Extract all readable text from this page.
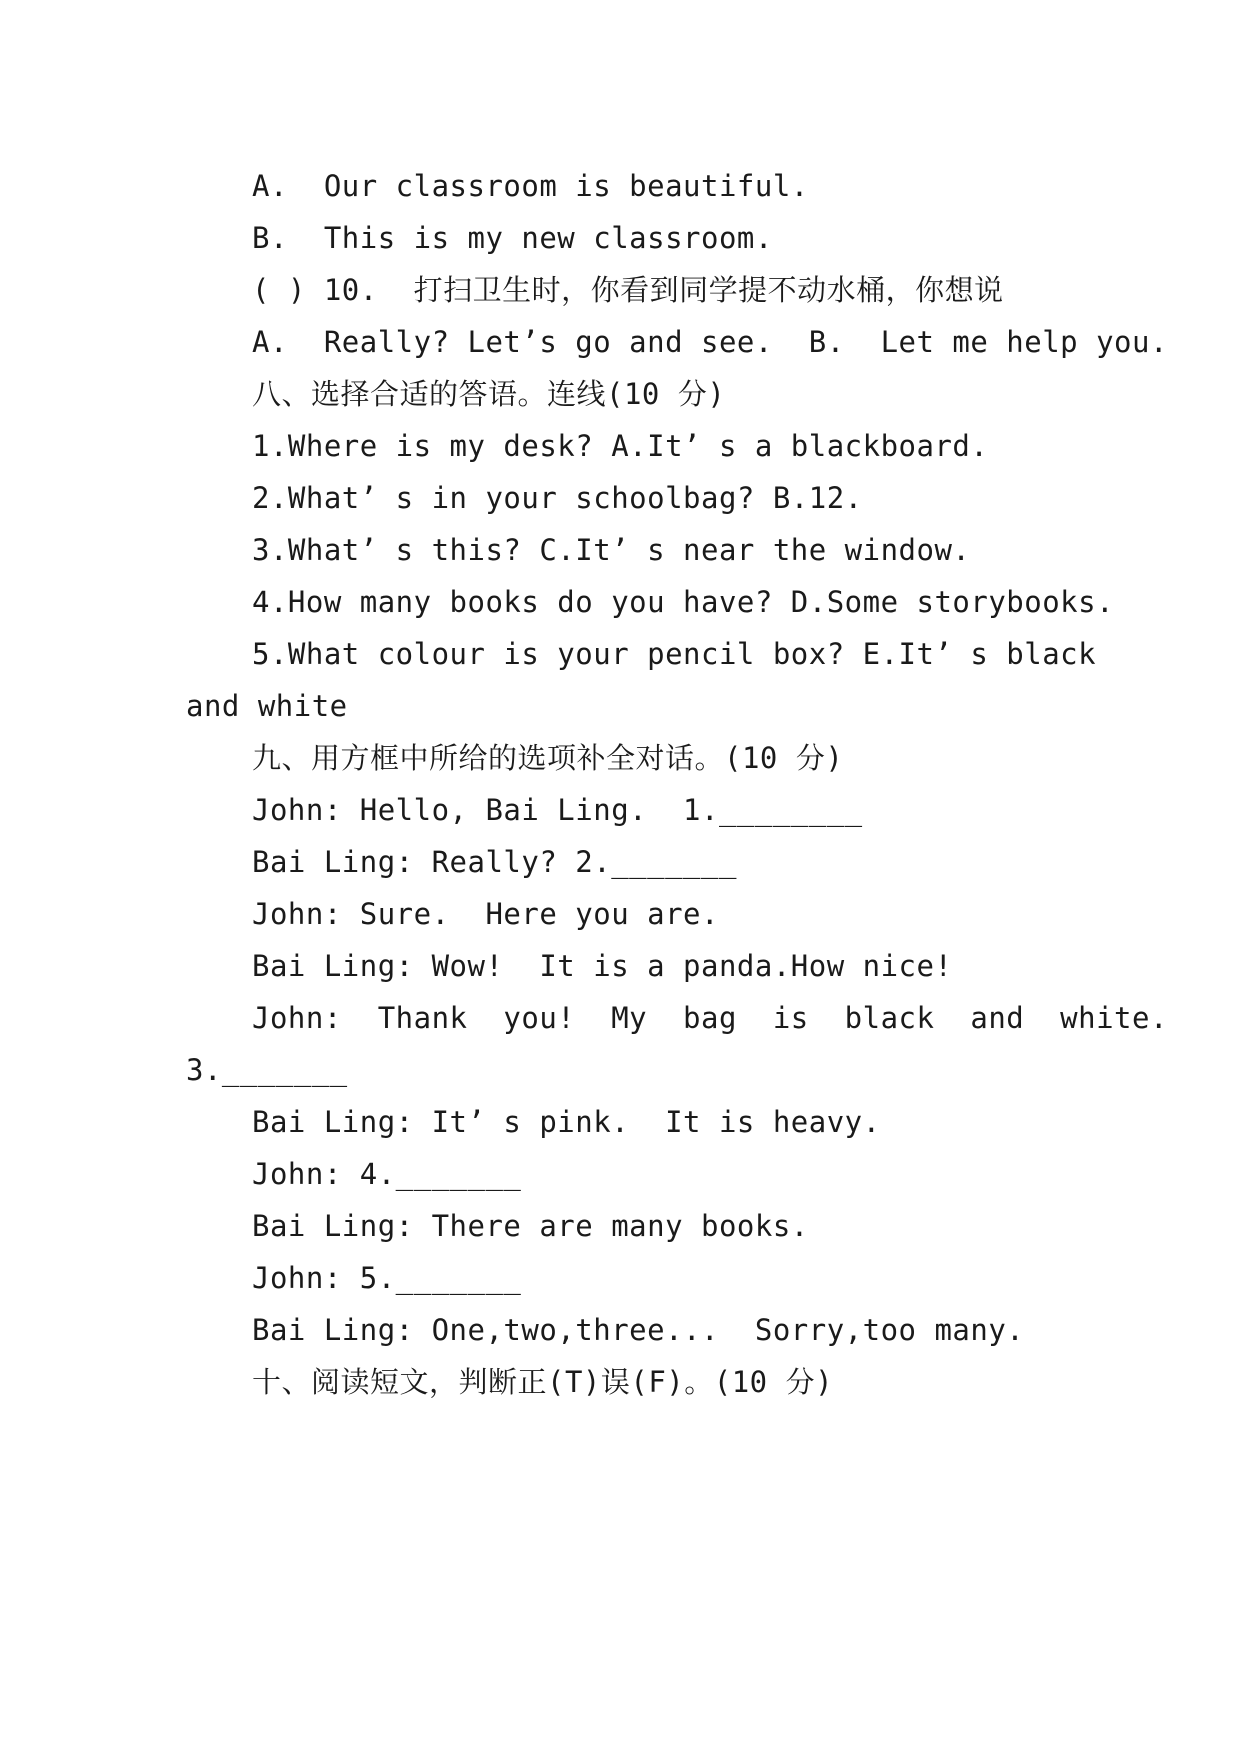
A.  Our classroom is beautiful.
B.  This is my new classroom.
( ) 10.  打扫卫生时，你看到同学提不动水桶，你想说
A.  Really? Let’s go and see.  B.  Let me help you.
八、选择合适的答语。连线(10 分)
1.Where is my desk? A.It’ s a blackboard.
2.What’ s in your schoolbag? B.12.
3.What’ s this? C.It’ s near the window.
4.How many books do you have? D.Some storybooks.
5.What colour is your pencil box? E.It’ s black
and white
九、用方框中所给的选项补全对话。(10 分)
John: Hello, Bai Ling.  1.________
Bai Ling: Really? 2._______
John: Sure.  Here you are.
Bai Ling: Wow!  It is a panda.How nice!
John:  Thank  you!  My  bag  is  black  and  white.
3._______
Bai Ling: It’ s pink.  It is heavy.
John: 4._______
Bai Ling: There are many books.
John: 5._______
Bai Ling: One,two,three...  Sorry,too many.
十、阅读短文，判断正(T)误(F)。(10 分)
